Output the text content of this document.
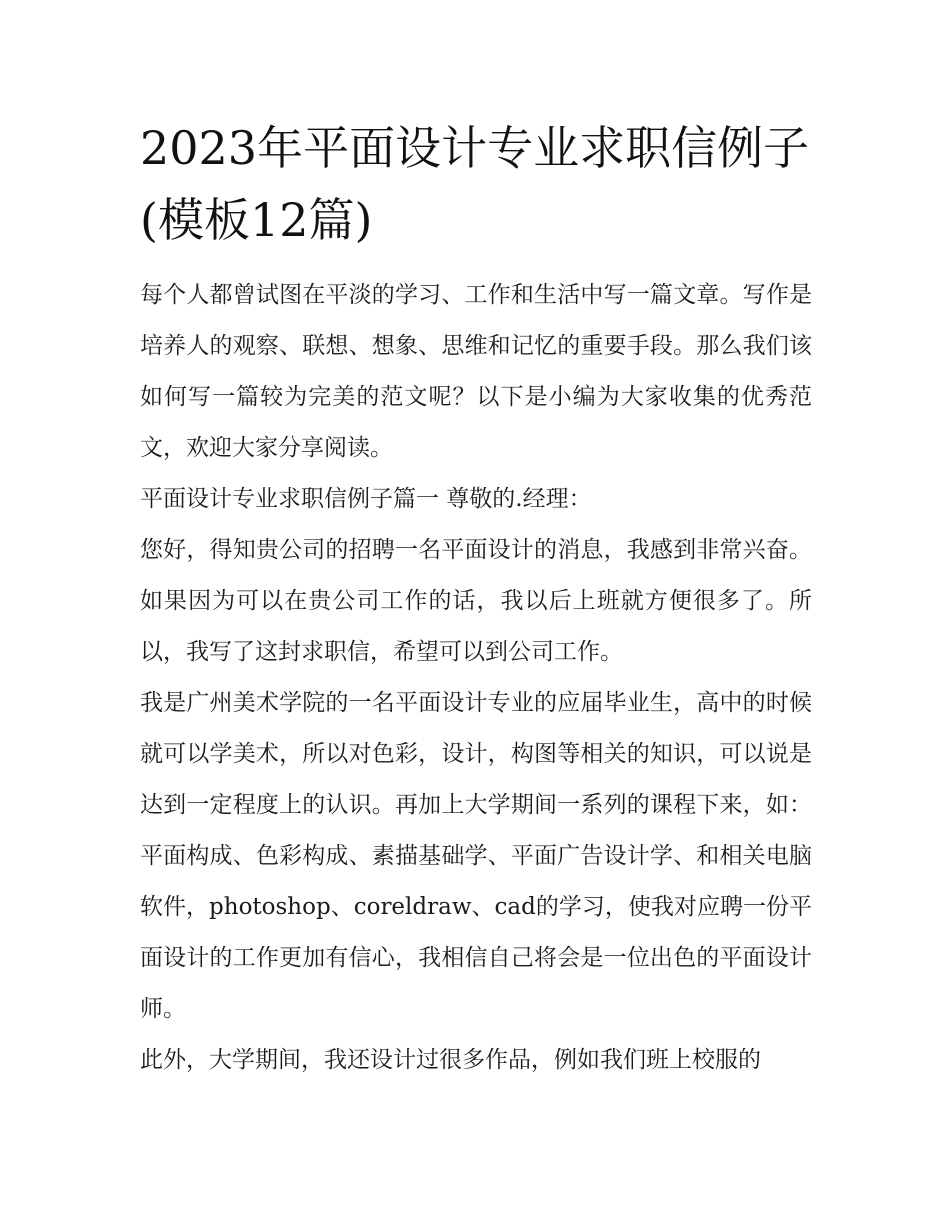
2023年平面设计专业求职信例子(模板12篇)

每个人都曾试图在平淡的学习、工作和生活中写一篇文章。写作是培养人的观察、联想、想象、思维和记忆的重要手段。那么我们该如何写一篇较为完美的范文呢？以下是小编为大家收集的优秀范文，欢迎大家分享阅读。

平面设计专业求职信例子篇一 尊敬的.经理：

您好，得知贵公司的招聘一名平面设计的消息，我感到非常兴奋。如果因为可以在贵公司工作的话，我以后上班就方便很多了。所以，我写了这封求职信，希望可以到公司工作。

我是广州美术学院的一名平面设计专业的应届毕业生，高中的时候就可以学美术，所以对色彩，设计，构图等相关的知识，可以说是达到一定程度上的认识。再加上大学期间一系列的课程下来，如：平面构成、色彩构成、素描基础学、平面广告设计学、和相关电脑软件，photoshop、coreldraw、cad的学习，使我对应聘一份平面设计的工作更加有信心，我相信自己将会是一位出色的平面设计师。

此外，大学期间，我还设计过很多作品，例如我们班上校服的
